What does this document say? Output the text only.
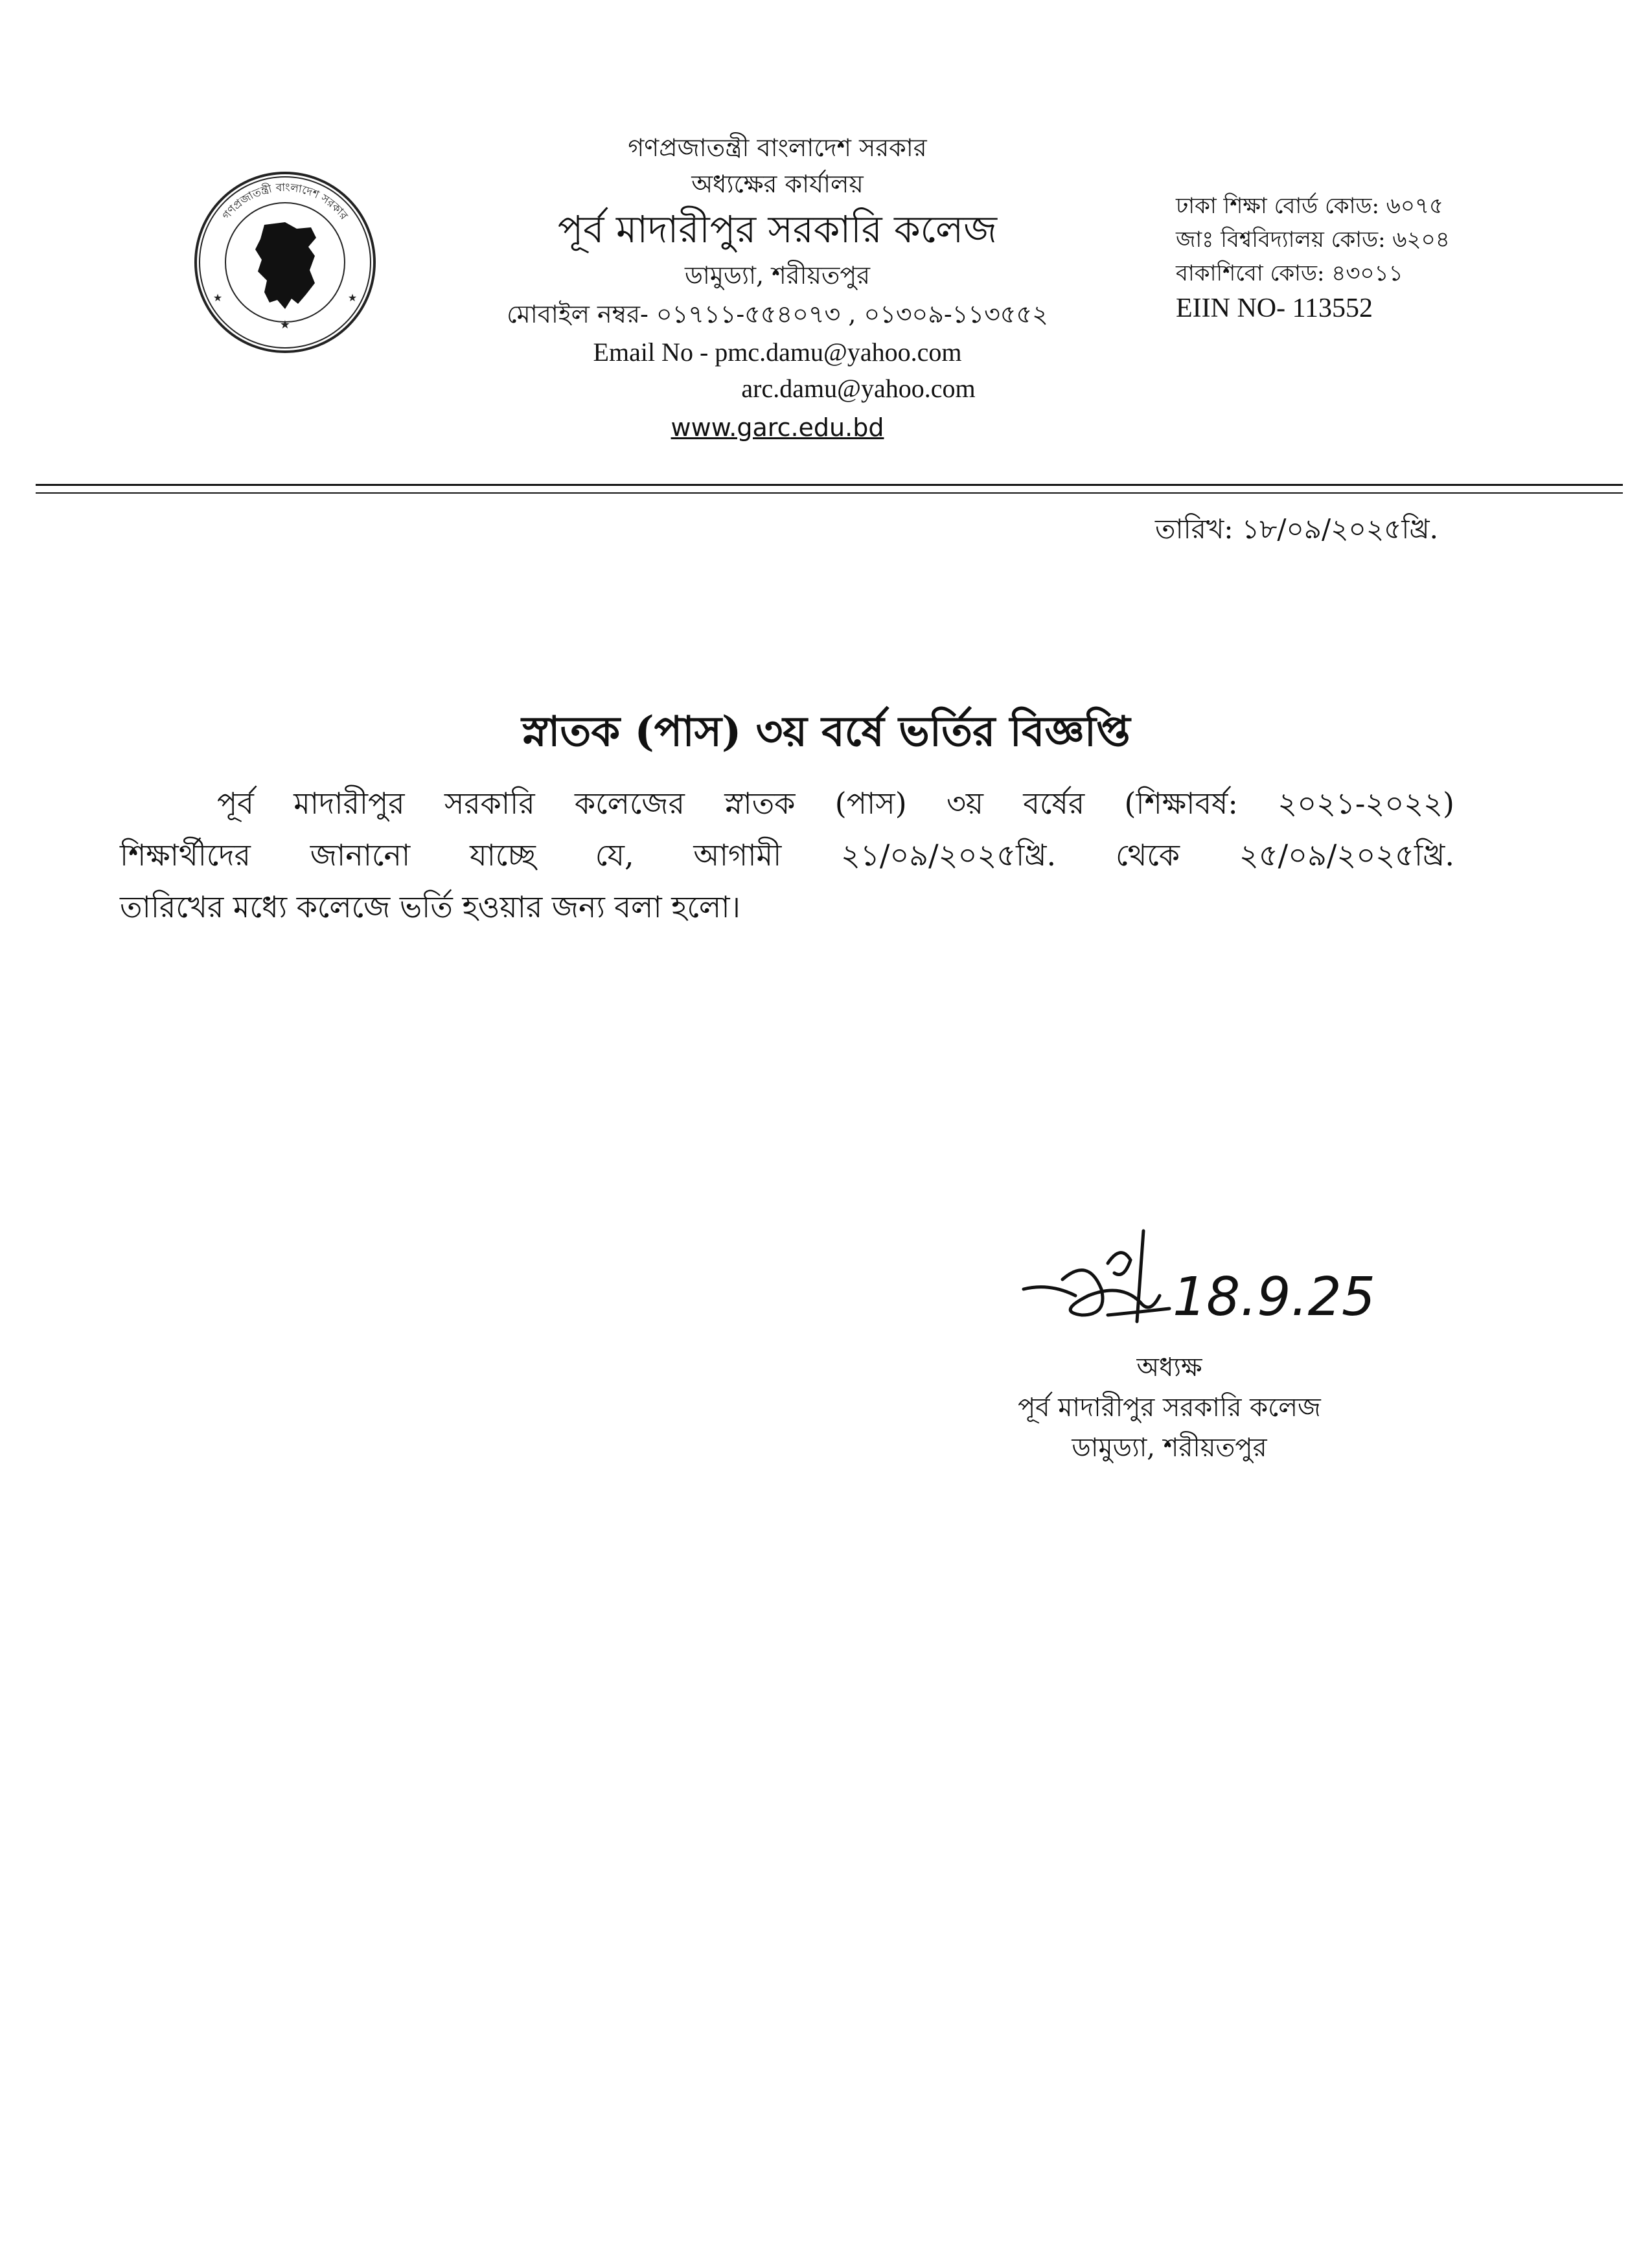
গণপ্রজাতন্ত্রী বাংলাদেশ সরকার
★
★	★
গণপ্রজাতন্ত্রী বাংলাদেশ সরকার
অধ্যক্ষের কার্যালয়
পূর্ব মাদারীপুর সরকারি কলেজ
ডামুড্যা, শরীয়তপুর
মোবাইল নম্বর- ০১৭১১-৫৫৪০৭৩ , ০১৩০৯-১১৩৫৫২
Email No - pmc.damu@yahoo.com
arc.damu@yahoo.com
www.garc.edu.bd
ঢাকা শিক্ষা বোর্ড কোড: ৬০৭৫
জাঃ বিশ্ববিদ্যালয় কোড: ৬২০৪
বাকাশিবো কোড: ৪৩০১১
EIIN NO- 113552
তারিখ: ১৮/০৯/২০২৫খ্রি.
স্নাতক (পাস) ৩য় বর্ষে ভর্তির বিজ্ঞপ্তি
পূর্ব মাদারীপুর সরকারি কলেজের স্নাতক (পাস) ৩য় বর্ষের (শিক্ষাবর্ষ: ২০২১-২০২২)
শিক্ষার্থীদের জানানো যাচ্ছে যে, আগামী ২১/০৯/২০২৫খ্রি. থেকে ২৫/০৯/২০২৫খ্রি.
তারিখের মধ্যে কলেজে ভর্তি হওয়ার জন্য বলা হলো।
18.9.25
অধ্যক্ষ
পূর্ব মাদারীপুর সরকারি কলেজ
ডামুড্যা, শরীয়তপুর
